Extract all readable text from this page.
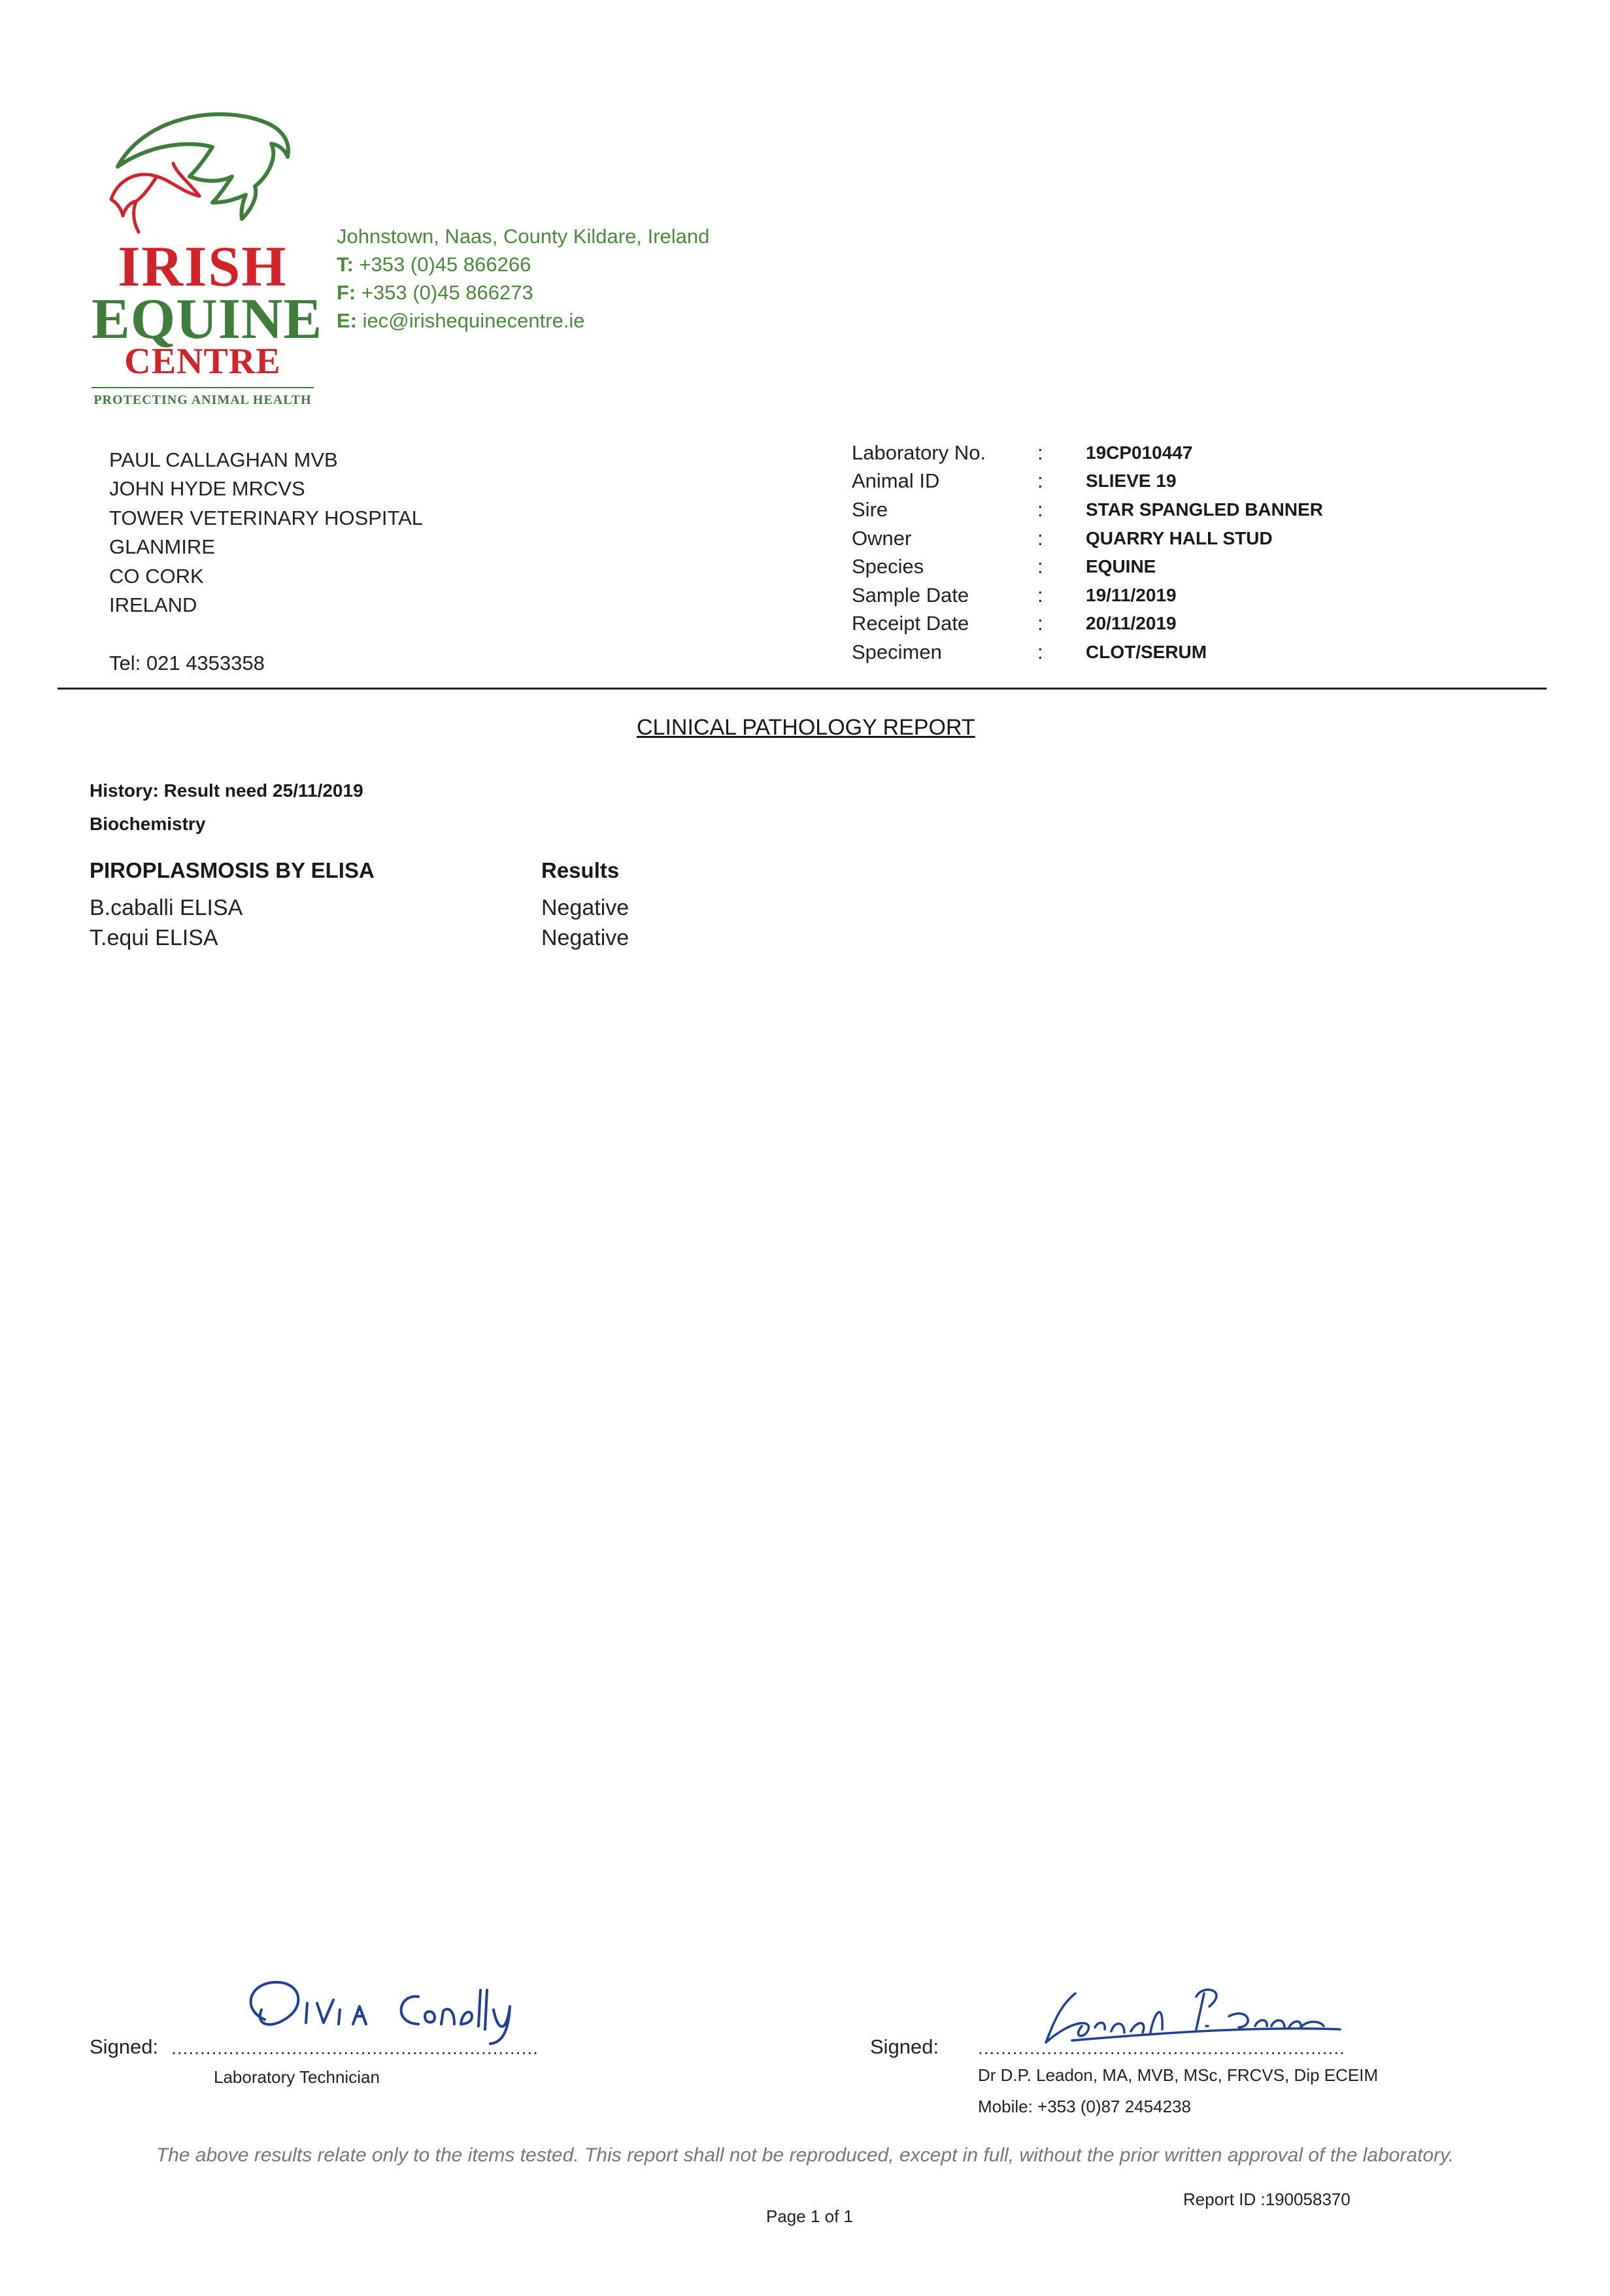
IRISH
EQUINE
CENTRE
PROTECTING ANIMAL HEALTH
Johnstown, Naas, County Kildare, Ireland
T: +353 (0)45 866266
F: +353 (0)45 866273
E: iec@irishequinecentre.ie
PAUL CALLAGHAN MVB
JOHN HYDE MRCVS
TOWER VETERINARY HOSPITAL
GLANMIRE
CO CORK
IRELAND
Tel: 021 4353358
Laboratory No.	: 19CP010447
Animal ID	: SLIEVE 19
Sire	: STAR SPANGLED BANNER
Owner	: QUARRY HALL STUD
Species	: EQUINE
Sample Date	: 19/11/2019
Receipt Date	: 20/11/2019
Specimen	: CLOT/SERUM
CLINICAL PATHOLOGY REPORT
History: Result need 25/11/2019
Biochemistry
PIROPLASMOSIS BY ELISA	Results
B.caballi ELISA	Negative
T.equi ELISA	Negative
Signed: ................................................................
Laboratory Technician
Signed: ................................................................
Dr D.P. Leadon, MA, MVB, MSc, FRCVS, Dip ECEIM
Mobile: +353 (0)87 2454238
The above results relate only to the items tested. This report shall not be reproduced, except in full, without the prior written approval of the laboratory.
Report ID :190058370
Page 1 of 1
